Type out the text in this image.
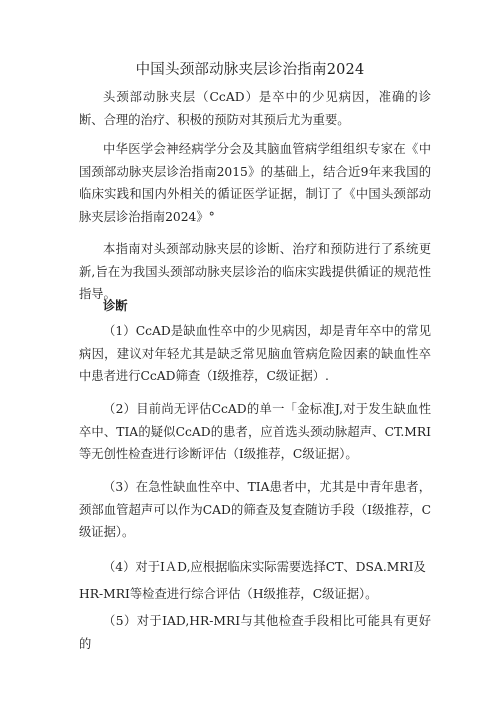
中国头颈部动脉夹层诊治指南2024

头颈部动脉夹层（CcAD）是卒中的少见病因，准确的诊断、合理的治疗、积极的预防对其预后尤为重要。

中华医学会神经病学分会及其脑血管病学组组织专家在《中国颈部动脉夹层诊治指南2015》的基础上，结合近9年来我国的临床实践和国内外相关的循证医学证据，制订了《中国头颈部动脉夹层诊治指南2024》°

本指南对头颈部动脉夹层的诊断、治疗和预防进行了系统更新,旨在为我国头颈部动脉夹层诊治的临床实践提供循证的规范性指导。

诊断

（1）CcAD是缺血性卒中的少见病因，却是青年卒中的常见病因，建议对年轻尤其是缺乏常见脑血管病危险因素的缺血性卒中患者进行CcAD筛查（I级推荐，C级证据）.

（2）目前尚无评估CcAD的单一「金标准J,对于发生缺血性卒中、TIA的疑似CcAD的患者，应首选头颈动脉超声、CT.MRI等无创性检查进行诊断评估（I级推荐，C级证据）。

（3）在急性缺血性卒中、TIA患者中，尤其是中青年患者，颈部血管超声可以作为CAD的筛查及复查随访手段（I级推荐，C级证据）。

（4）对于IＡD,应根据临床实际需要选择CT、DSA.MRI及

HR-MRI等检查进行综合评估（H级推荐，C级证据）。

（5）对于IAD,HR-MRI与其他检查手段相比可能具有更好的
